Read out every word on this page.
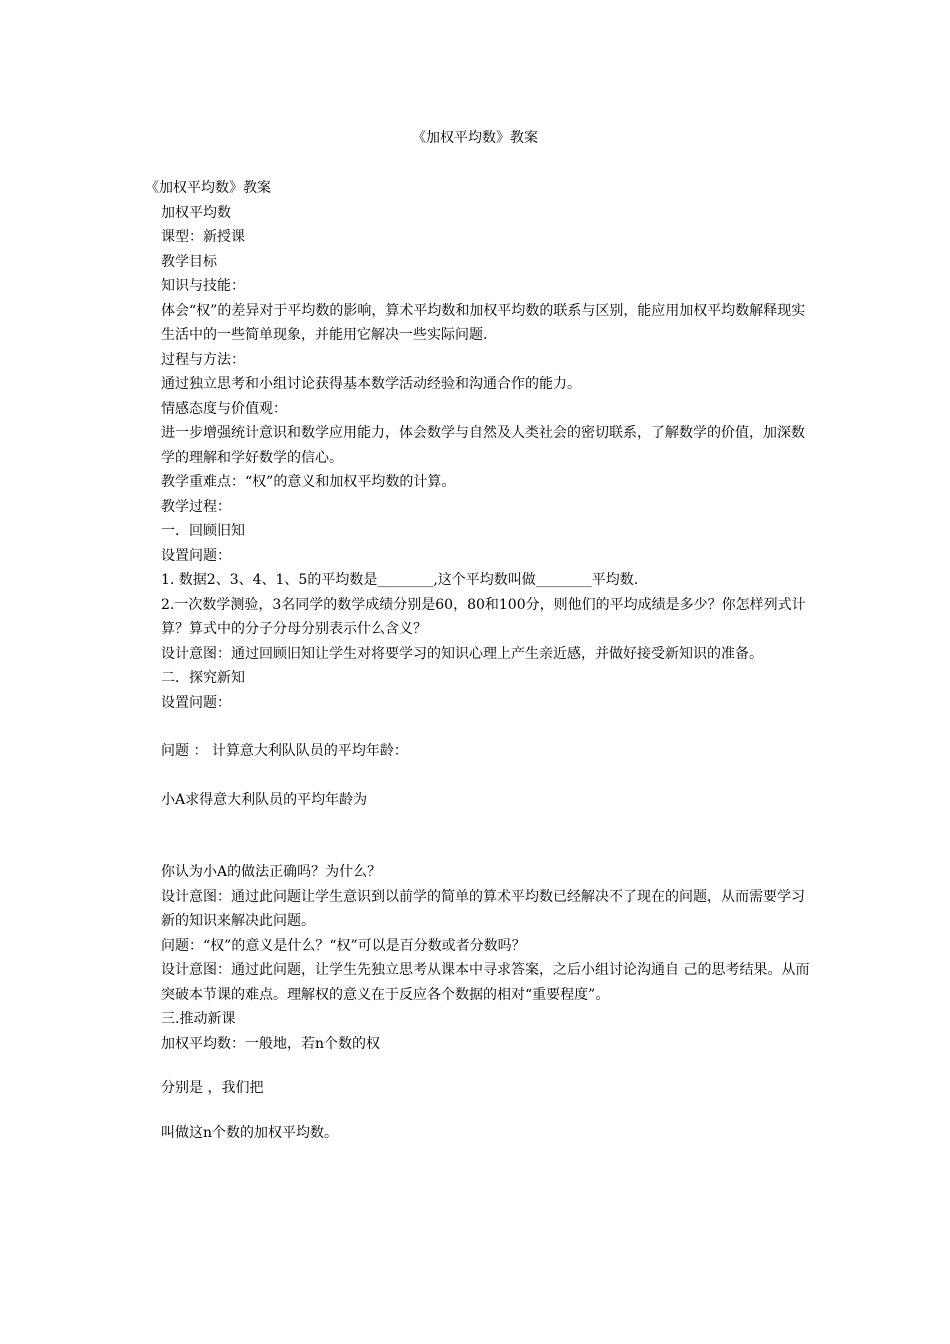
《加权平均数》教案

《加权平均数》教案

加权平均数

课型：新授课

教学目标

知识与技能：

体会“权”的差异对于平均数的影响，算术平均数和加权平均数的联系与区别，能应用加权平均数解释现实生活中的一些简单现象，并能用它解决一些实际问题.

过程与方法：

通过独立思考和小组讨论获得基本数学活动经验和沟通合作的能力。

情感态度与价值观：

进一步增强统计意识和数学应用能力，体会数学与自然及人类社会的密切联系，了解数学的价值，加深数学的理解和学好数学的信心。

教学重难点：“权”的意义和加权平均数的计算。

教学过程：

一．回顾旧知

设置问题：

1. 数据2、3、4、1、5的平均数是________,这个平均数叫做________平均数.

2.一次数学测验，3名同学的数学成绩分别是60，80和100分，则他们的平均成绩是多少？你怎样列式计算？算式中的分子分母分别表示什么含义？

设计意图：通过回顾旧知让学生对将要学习的知识心理上产生亲近感，并做好接受新知识的准备。

二．探究新知

设置问题：

问题 ： 计算意大利队队员的平均年龄：

小A求得意大利队员的平均年龄为

你认为小A的做法正确吗？为什么？

设计意图：通过此问题让学生意识到以前学的简单的算术平均数已经解决不了现在的问题，从而需要学习新的知识来解决此问题。

问题：“权”的意义是什么？“权”可以是百分数或者分数吗？

设计意图：通过此问题，让学生先独立思考从课本中寻求答案，之后小组讨论沟通自 己的思考结果。从而突破本节课的难点。理解权的意义在于反应各个数据的相对“重要程度”。

三.推动新课

加权平均数：一般地，若n个数的权

分别是 ，我们把

叫做这n个数的加权平均数。
